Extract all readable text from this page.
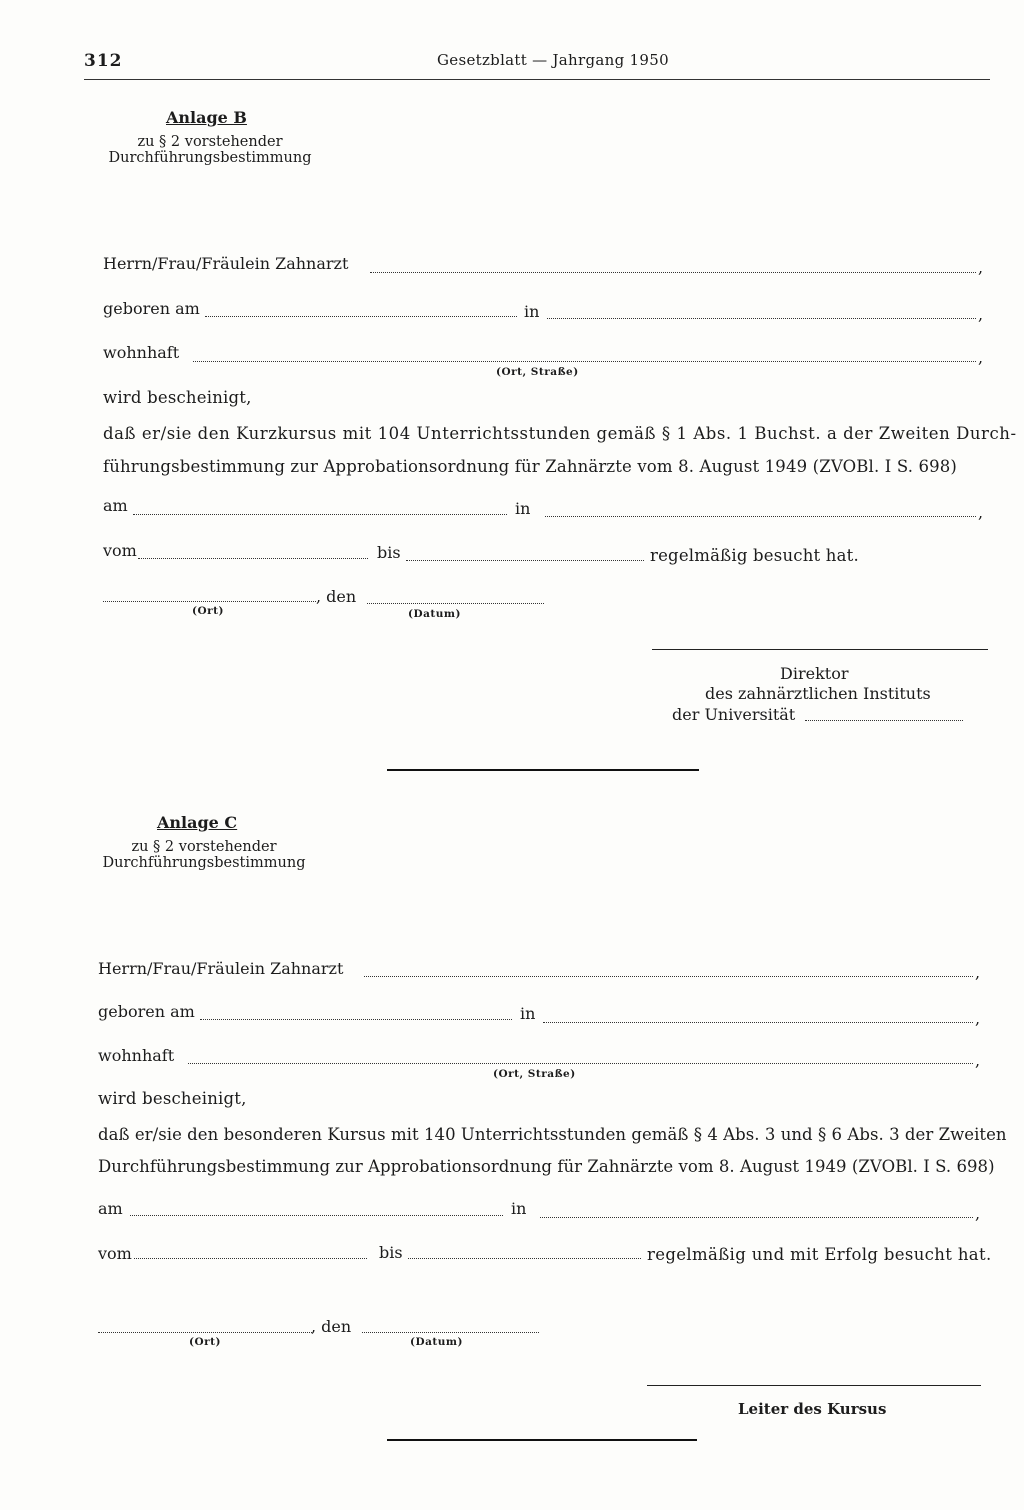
312	Gesetzblatt — Jahrgang 1950
Anlage B
zu § 2 vorstehender
Durchführungsbestimmung
Herrn/Frau/Fräulein Zahnarzt	,
geboren am	in	,
wohnhaft	,
(Ort, Straße)
wird bescheinigt,
daß er/sie den Kurzkursus mit 104 Unterrichtsstunden gemäß § 1 Abs. 1 Buchst. a der Zweiten Durch-
führungsbestimmung zur Approbationsordnung für Zahnärzte vom 8. August 1949 (ZVOBl. I S. 698)
am	in	,
vom	bis	regelmäßig besucht hat.
, den
(Ort)	(Datum)
Direktor
des zahnärztlichen Instituts
der Universität
Anlage C
zu § 2 vorstehender
Durchführungsbestimmung
Herrn/Frau/Fräulein Zahnarzt	,
geboren am	in	,
wohnhaft	,
(Ort, Straße)
wird bescheinigt,
daß er/sie den besonderen Kursus mit 140 Unterrichtsstunden gemäß § 4 Abs. 3 und § 6 Abs. 3 der Zweiten
Durchführungsbestimmung zur Approbationsordnung für Zahnärzte vom 8. August 1949 (ZVOBl. I S. 698)
am	in	,
vom	bis	regelmäßig und mit Erfolg besucht hat.
, den
(Ort)	(Datum)
Leiter des Kursus
